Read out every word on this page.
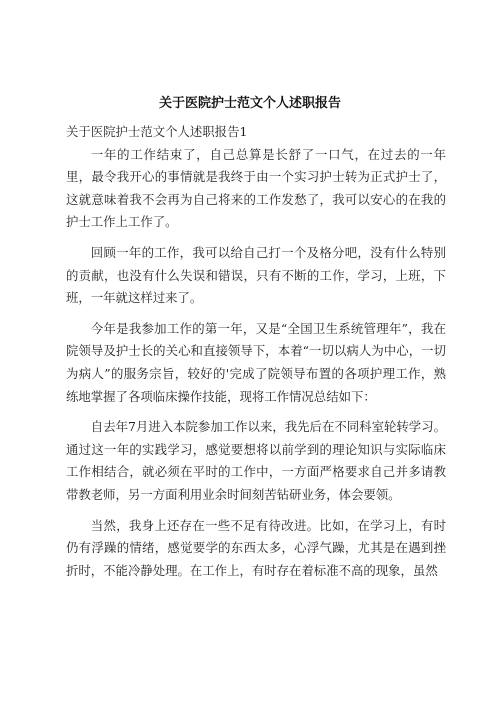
关于医院护士范文个人述职报告

关于医院护士范文个人述职报告1

一年的工作结束了，自己总算是长舒了一口气，在过去的一年里，最令我开心的事情就是我终于由一个实习护士转为正式护士了，这就意味着我不会再为自己将来的工作发愁了，我可以安心的在我的护士工作上工作了。

回顾一年的工作，我可以给自己打一个及格分吧，没有什么特别的贡献，也没有什么失误和错误，只有不断的工作，学习，上班，下班，一年就这样过来了。

今年是我参加工作的第一年，又是“全国卫生系统管理年”，我在院领导及护士长的关心和直接领导下，本着“一切以病人为中心，一切为病人”的服务宗旨，较好的'完成了院领导布置的各项护理工作，熟练地掌握了各项临床操作技能，现将工作情况总结如下：

自去年7月进入本院参加工作以来，我先后在不同科室轮转学习。通过这一年的实践学习，感觉要想将以前学到的理论知识与实际临床工作相结合，就必须在平时的工作中，一方面严格要求自己并多请教带教老师，另一方面利用业余时间刻苦钻研业务，体会要领。

当然，我身上还存在一些不足有待改进。比如，在学习上，有时仍有浮躁的情绪，感觉要学的东西太多，心浮气躁，尤其是在遇到挫折时，不能冷静处理。在工作上，有时存在着标准不高的现象，虽然
